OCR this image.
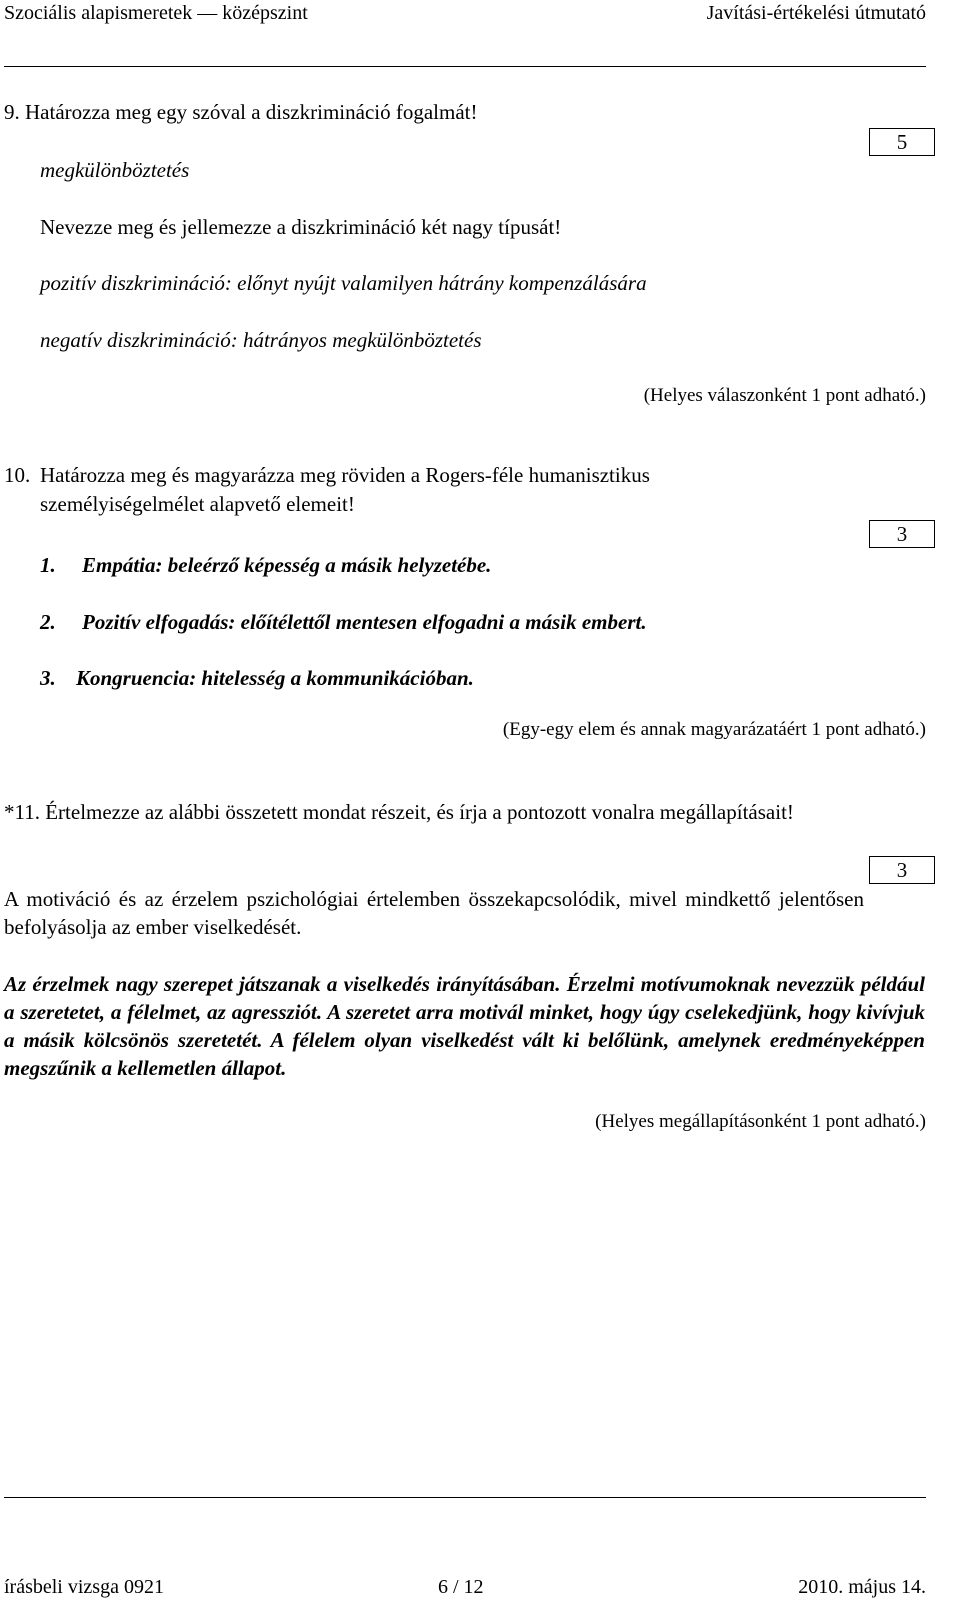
Szociális alapismeretek — középszint	Javítási-értékelési útmutató
9. Határozza meg egy szóval a diszkrimináció fogalmát!
5
megkülönböztetés
Nevezze meg és jellemezze a diszkrimináció két nagy típusát!
pozitív diszkrimináció: előnyt nyújt valamilyen hátrány kompenzálására
negatív diszkrimináció: hátrányos megkülönböztetés
(Helyes válaszonként 1 pont adható.)
10. Határozza meg és magyarázza meg röviden a Rogers-féle humanisztikus
személyiségelmélet alapvető elemeit!
3
1. Empátia: beleérző képesség a másik helyzetébe.
2. Pozitív elfogadás: előítélettől mentesen elfogadni a másik embert.
3. Kongruencia: hitelesség a kommunikációban.
(Egy-egy elem és annak magyarázatáért 1 pont adható.)
*11. Értelmezze az alábbi összetett mondat részeit, és írja a pontozott vonalra megállapításait!
3
A motiváció és az érzelem pszichológiai értelemben összekapcsolódik, mivel mindkettő jelentősen befolyásolja az ember viselkedését.
Az érzelmek nagy szerepet játszanak a viselkedés irányításában. Érzelmi motívumoknak nevezzük például a szeretetet, a félelmet, az agressziót. A szeretet arra motivál minket, hogy úgy cselekedjünk, hogy kivívjuk a másik kölcsönös szeretetét. A félelem olyan viselkedést vált ki belőlünk, amelynek eredményeképpen megszűnik a kellemetlen állapot.
(Helyes megállapításonként 1 pont adható.)
írásbeli vizsga 0921	6 / 12	2010. május 14.
